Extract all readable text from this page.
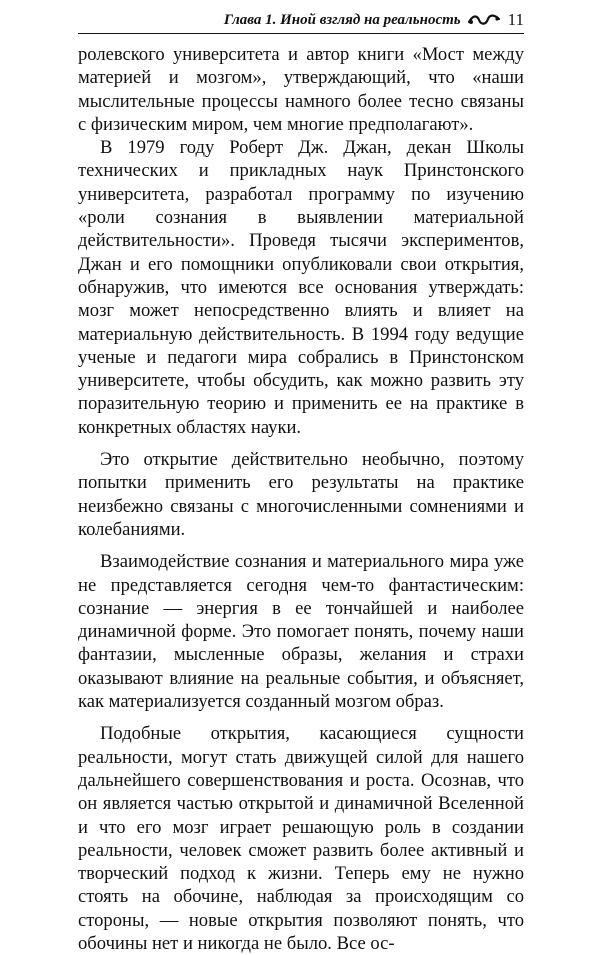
Глава 1. Иной взгляд на реальность	11

ролевского университета и автор книги «Мост между материей и мозгом», утверждающий, что «наши мыслительные процессы намного более тесно связаны с физическим миром, чем многие предполагают».

В 1979 году Роберт Дж. Джан, декан Школы технических и прикладных наук Принстонского университета, разработал программу по изучению «роли сознания в выявлении материальной действительности». Проведя тысячи экспериментов, Джан и его помощники опубликовали свои открытия, обнаружив, что имеются все основания утверждать: мозг может непосредственно влиять и влияет на материальную действительность. В 1994 году ведущие ученые и педагоги мира собрались в Принстонском университете, чтобы обсудить, как можно развить эту поразительную теорию и применить ее на практике в конкретных областях науки.

Это открытие действительно необычно, поэтому попытки применить его результаты на практике неизбежно связаны с многочисленными сомнениями и колебаниями.

Взаимодействие сознания и материального мира уже не представляется сегодня чем-то фантастическим: сознание — энергия в ее тончайшей и наиболее динамичной форме. Это помогает понять, почему наши фантазии, мысленные образы, желания и страхи оказывают влияние на реальные события, и объясняет, как материализуется созданный мозгом образ.

Подобные открытия, касающиеся сущности реальности, могут стать движущей силой для нашего дальнейшего совершенствования и роста. Осознав, что он является частью открытой и динамичной Вселенной и что его мозг играет решающую роль в создании реальности, человек сможет развить более активный и творческий подход к жизни. Теперь ему не нужно стоять на обочине, наблюдая за происходящим со стороны, — новые открытия позволяют понять, что обочины нет и никогда не было. Все ос-
